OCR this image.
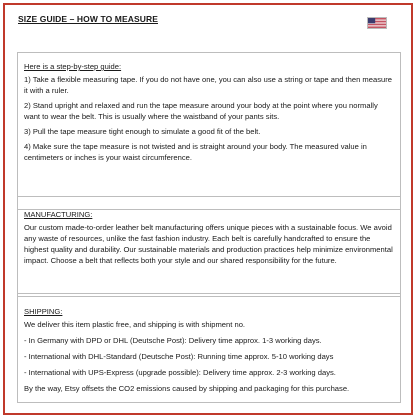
SIZE GUIDE – HOW TO MEASURE
Here is a step-by-step guide:
1) Take a flexible measuring tape. If you do not have one, you can also use a string or tape and then measure it with a ruler.
2) Stand upright and relaxed and run the tape measure around your body at the point where you normally want to wear the belt. This is usually where the waistband of your pants sits.
3) Pull the tape measure tight enough to simulate a good fit of the belt.
4) Make sure the tape measure is not twisted and is straight around your body. The measured value in centimeters or inches is your waist circumference.
MANUFACTURING:
Our custom made-to-order leather belt manufacturing offers unique pieces with a sustainable focus. We avoid any waste of resources, unlike the fast fashion industry. Each belt is carefully handcrafted to ensure the highest quality and durability. Our sustainable materials and production practices help minimize environmental impact. Choose a belt that reflects both your style and our shared responsibility for the future.
SHIPPING:
We deliver this item plastic free, and shipping is with shipment no.
- In Germany with DPD or DHL (Deutsche Post): Delivery time approx. 1-3 working days.
- International with DHL-Standard (Deutsche Post): Running time approx. 5-10 working days
- International with UPS-Express (upgrade possible): Delivery time approx. 2-3 working days.
By the way, Etsy offsets the CO2 emissions caused by shipping and packaging for this purchase.
